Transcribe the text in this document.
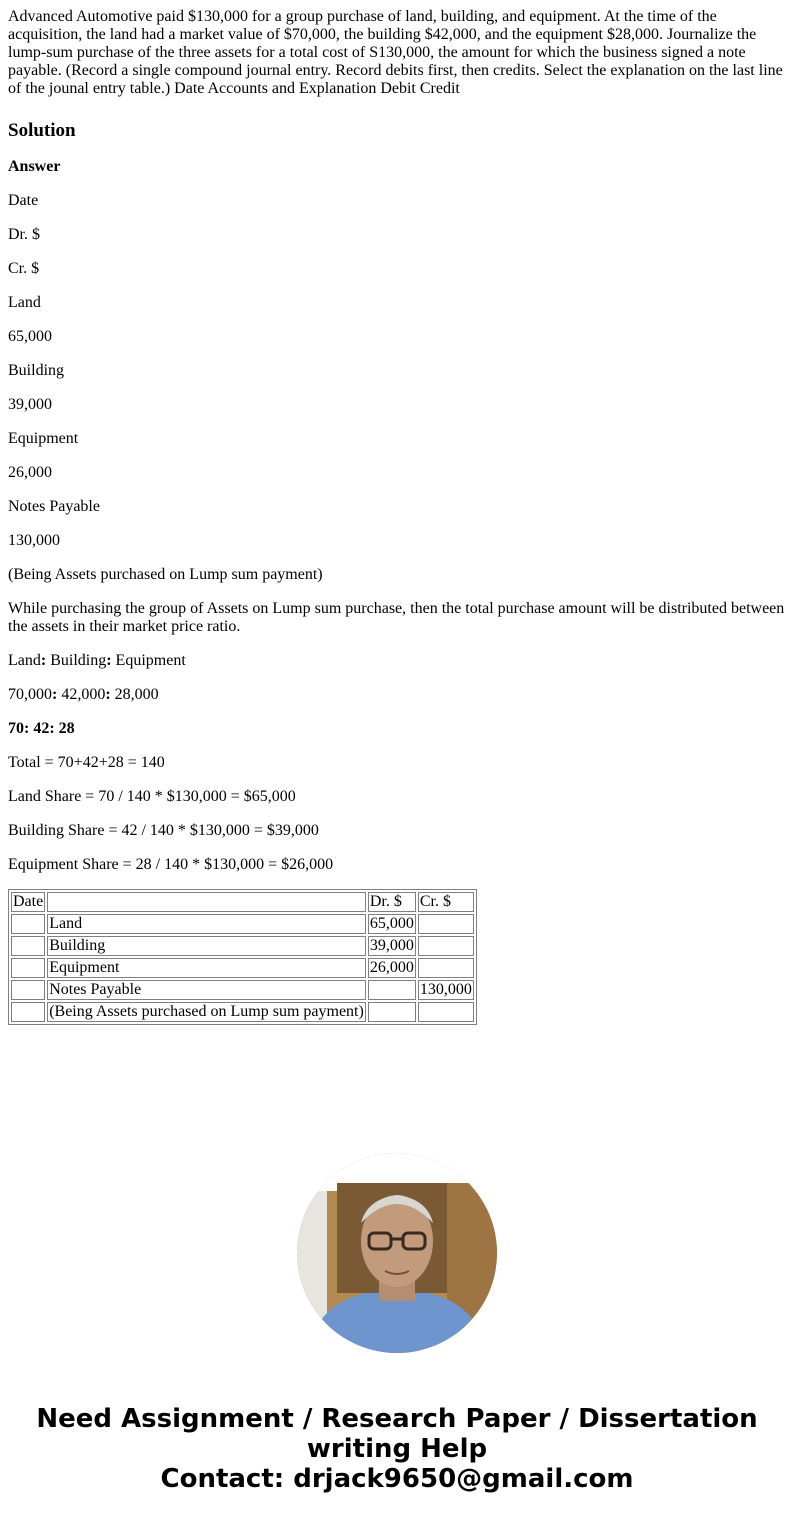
Advanced Automotive paid $130,000 for a group purchase of land, building, and equipment. At the time of the acquisition, the land had a market value of $70,000, the building $42,000, and the equipment $28,000. Journalize the lump-sum purchase of the three assets for a total cost of S130,000, the amount for which the business signed a note payable. (Record a single compound journal entry. Record debits first, then credits. Select the explanation on the last line of the jounal entry table.) Date Accounts and Explanation Debit Credit

Solution

Answer

Date

Dr. $

Cr. $

Land

65,000

Building

39,000

Equipment

26,000

Notes Payable

130,000

(Being Assets purchased on Lump sum payment)

While purchasing the group of Assets on Lump sum purchase, then the total purchase amount will be distributed between the assets in their market price ratio.

Land: Building: Equipment

70,000: 42,000: 28,000

70: 42: 28

Total = 70+42+28 = 140

Land Share = 70 / 140 * $130,000 = $65,000

Building Share = 42 / 140 * $130,000 = $39,000

Equipment Share = 28 / 140 * $130,000 = $26,000

Date		Dr. $	Cr. $
	Land	65,000	
	Building	39,000	
	Equipment	26,000	
	Notes Payable		130,000
	(Being Assets purchased on Lump sum payment)		
Need Assignment / Research Paper / Dissertation
writing Help
Contact: drjack9650@gmail.com
